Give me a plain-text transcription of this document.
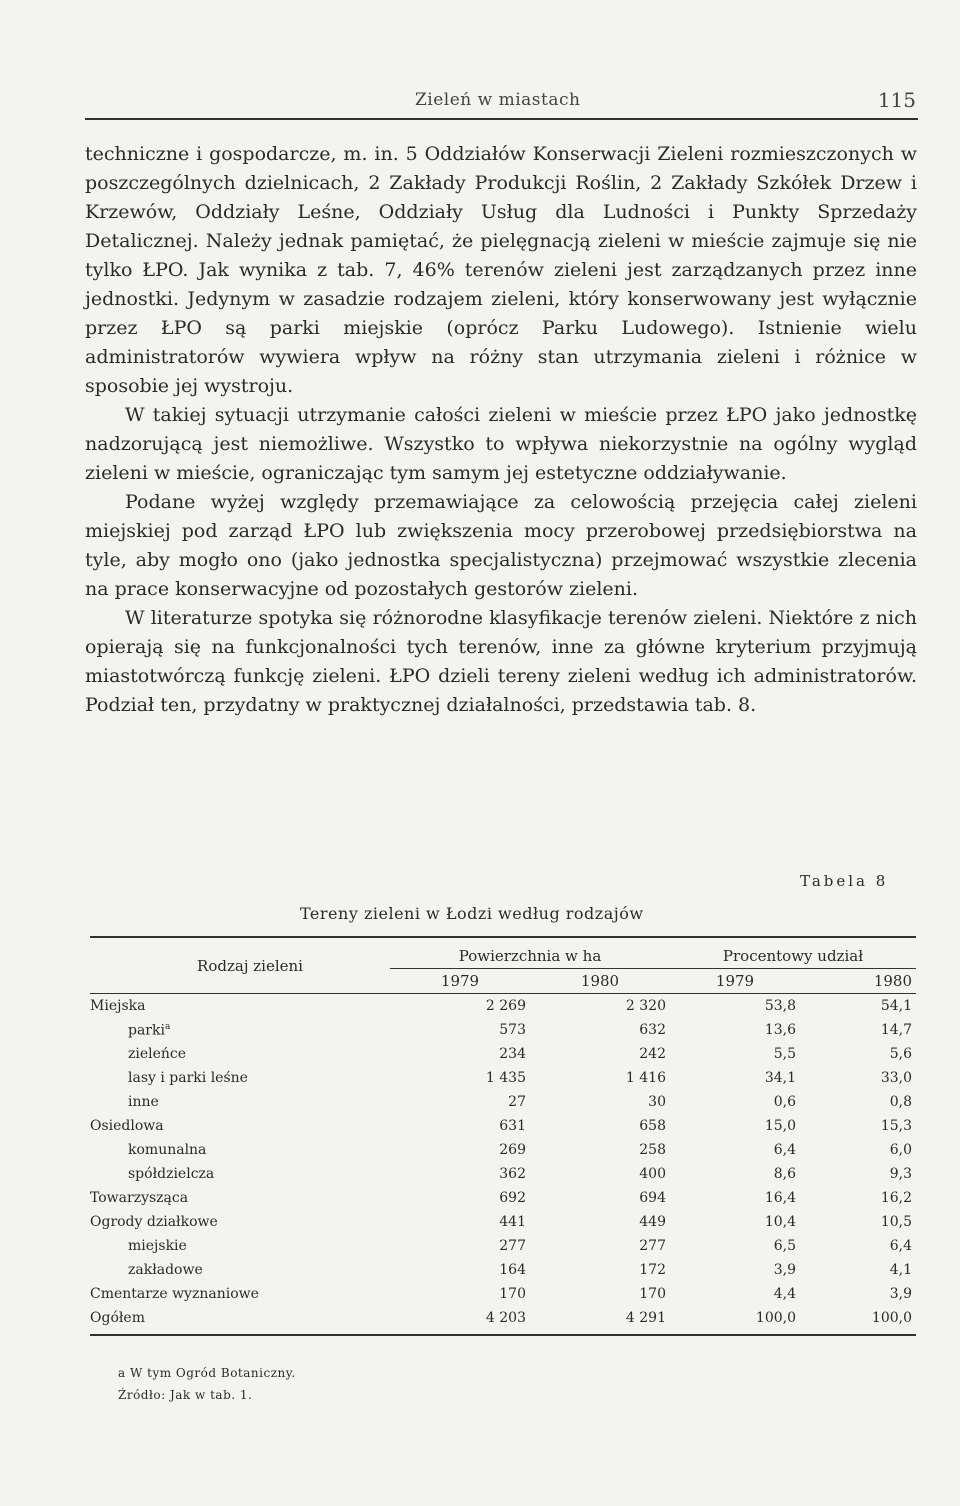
Zieleń w miastach	115

techniczne i gospodarcze, m. in. 5 Oddziałów Konserwacji Zieleni rozmieszczonych w poszczególnych dzielnicach, 2 Zakłady Produkcji Roślin, 2 Zakłady Szkółek Drzew i Krzewów, Oddziały Leśne, Oddziały Usług dla Ludności i Punkty Sprzedaży Detalicznej. Należy jednak pamiętać, że pielęgnacją zieleni w mieście zajmuje się nie tylko ŁPO. Jak wynika z tab. 7, 46% terenów zieleni jest zarządzanych przez inne jednostki. Jedynym w zasadzie rodzajem zieleni, który konserwowany jest wyłącznie przez ŁPO są parki miejskie (oprócz Parku Ludowego). Istnienie wielu administratorów wywiera wpływ na różny stan utrzymania zieleni i różnice w sposobie jej wystroju.

W takiej sytuacji utrzymanie całości zieleni w mieście przez ŁPO jako jednostkę nadzorującą jest niemożliwe. Wszystko to wpływa niekorzystnie na ogólny wygląd zieleni w mieście, ograniczając tym samym jej estetyczne oddziaływanie.

Podane wyżej względy przemawiające za celowością przejęcia całej zieleni miejskiej pod zarząd ŁPO lub zwiększenia mocy przerobowej przedsiębiorstwa na tyle, aby mogło ono (jako jednostka specjalistyczna) przejmować wszystkie zlecenia na prace konserwacyjne od pozostałych gestorów zieleni.

W literaturze spotyka się różnorodne klasyfikacje terenów zieleni. Niektóre z nich opierają się na funkcjonalności tych terenów, inne za główne kryterium przyjmują miastotwórczą funkcję zieleni. ŁPO dzieli tereny zieleni według ich administratorów. Podział ten, przydatny w praktycznej działalności, przedstawia tab. 8.

Tabela 8
Tereny zieleni w Łodzi według rodzajów
Rodzaj zieleni	Powierzchnia w ha		Procentowy udział	
	1979	1980	1979	1980
Miejska	2 269	2 320	53,8	54,1
parki$^a$	573	632	13,6	14,7
zieleńce	234	242	5,5	5,6
lasy i parki leśne	1 435	1 416	34,1	33,0
inne	27	30	0,6	0,8
Osiedlowa	631	658	15,0	15,3
komunalna	269	258	6,4	6,0
spółdzielcza	362	400	8,6	9,3
Towarzysząca	692	694	16,4	16,2
Ogrody działkowe	441	449	10,4	10,5
miejskie	277	277	6,5	6,4
zakładowe	164	172	3,9	4,1
Cmentarze wyznaniowe	170	170	4,4	3,9
Ogółem	4 203	4 291	100,0	100,0
a W tym Ogród Botaniczny.
Źródło: Jak w tab. 1.
